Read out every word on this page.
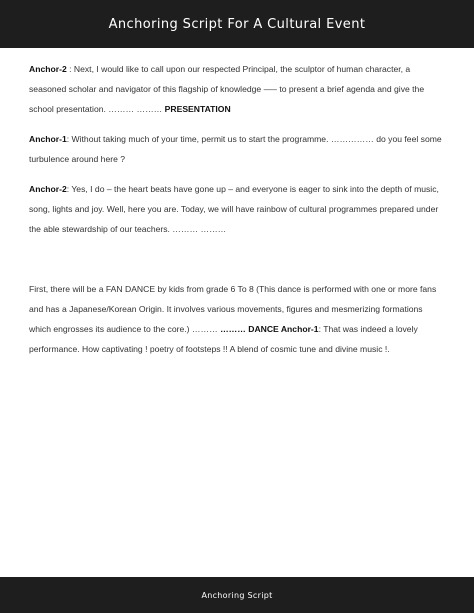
Anchoring Script For A Cultural Event

Anchor-2 : Next, I would like to call upon our respected Principal, the sculptor of human character, a seasoned scholar and navigator of this flagship of knowledge —– to present a brief agenda and give the school presentation. ……… ……… PRESENTATION

Anchor-1: Without taking much of your time, permit us to start the programme. …………… do you feel some turbulence around here ?

Anchor-2: Yes, I do – the heart beats have gone up – and everyone is eager to sink into the depth of music, song, lights and joy. Well, here you are. Today, we will have rainbow of cultural programmes prepared under the able stewardship of our teachers. ……… ………

First, there will be a FAN DANCE by kids from grade 6 To 8 (This dance is performed with one or more fans and has a Japanese/Korean Origin. It involves various movements, figures and mesmerizing formations which engrosses its audience to the core.) ……… ……… DANCE Anchor-1: That was indeed a lovely performance. How captivating ! poetry of footsteps !! A blend of cosmic tune and divine music !.

Anchoring Script
